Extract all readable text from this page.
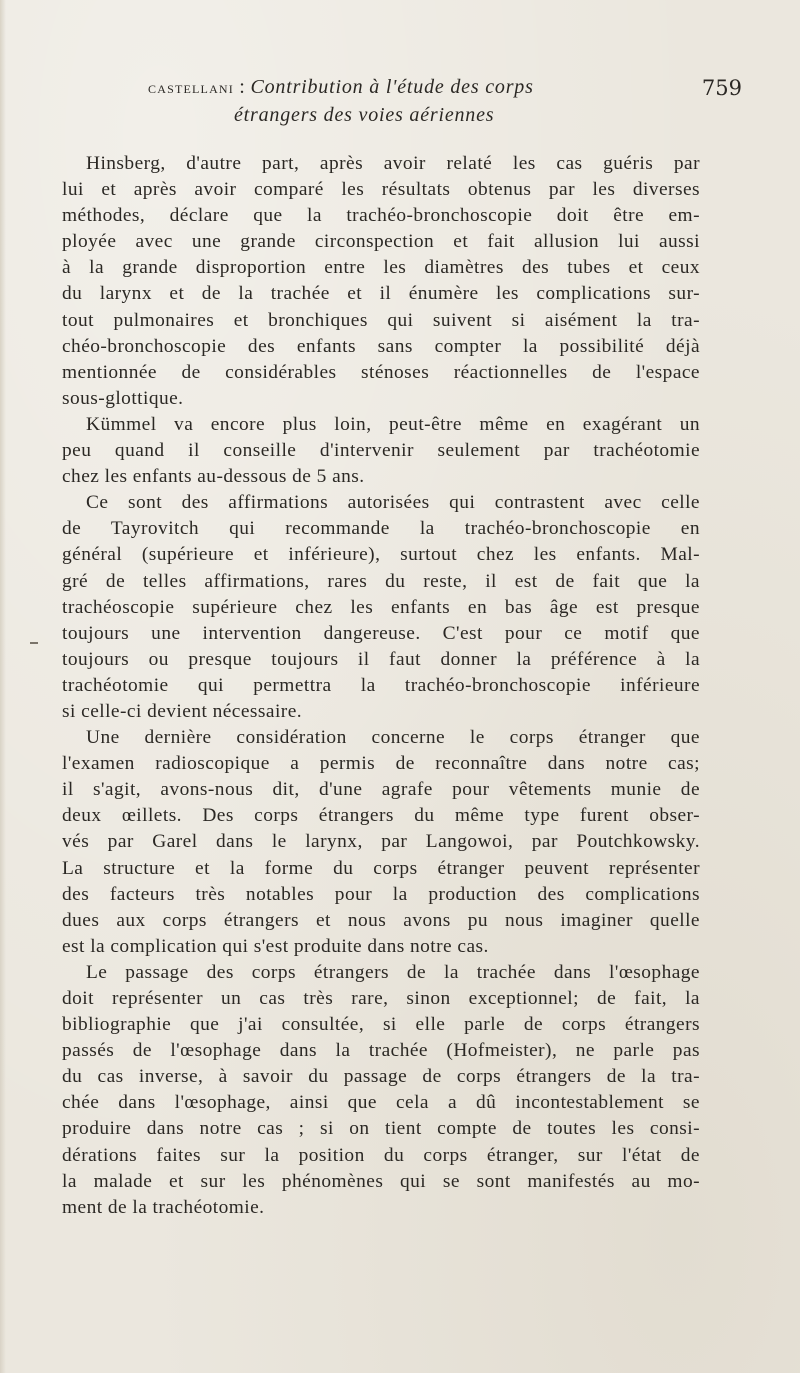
castellani : Contribution à l'étude des corps	759
étrangers des voies aériennes
Hinsberg, d'autre part, après avoir relaté les cas guéris par
lui et après avoir comparé les résultats obtenus par les diverses
méthodes, déclare que la trachéo-bronchoscopie doit être em-
ployée avec une grande circonspection et fait allusion lui aussi
à la grande disproportion entre les diamètres des tubes et ceux
du larynx et de la trachée et il énumère les complications sur-
tout pulmonaires et bronchiques qui suivent si aisément la tra-
chéo-bronchoscopie des enfants sans compter la possibilité déjà
mentionnée de considérables sténoses réactionnelles de l'espace
sous-glottique.
Kümmel va encore plus loin, peut-être même en exagérant un
peu quand il conseille d'intervenir seulement par trachéotomie
chez les enfants au-dessous de 5 ans.
Ce sont des affirmations autorisées qui contrastent avec celle
de Tayrovitch qui recommande la trachéo-bronchoscopie en
général (supérieure et inférieure), surtout chez les enfants. Mal-
gré de telles affirmations, rares du reste, il est de fait que la
trachéoscopie supérieure chez les enfants en bas âge est presque
toujours une intervention dangereuse. C'est pour ce motif que
toujours ou presque toujours il faut donner la préférence à la
trachéotomie qui permettra la trachéo-bronchoscopie inférieure
si celle-ci devient nécessaire.
Une dernière considération concerne le corps étranger que
l'examen radioscopique a permis de reconnaître dans notre cas;
il s'agit, avons-nous dit, d'une agrafe pour vêtements munie de
deux œillets. Des corps étrangers du même type furent obser-
vés par Garel dans le larynx, par Langowoi, par Poutchkowsky.
La structure et la forme du corps étranger peuvent représenter
des facteurs très notables pour la production des complications
dues aux corps étrangers et nous avons pu nous imaginer quelle
est la complication qui s'est produite dans notre cas.
Le passage des corps étrangers de la trachée dans l'œsophage
doit représenter un cas très rare, sinon exceptionnel; de fait, la
bibliographie que j'ai consultée, si elle parle de corps étrangers
passés de l'œsophage dans la trachée (Hofmeister), ne parle pas
du cas inverse, à savoir du passage de corps étrangers de la tra-
chée dans l'œsophage, ainsi que cela a dû incontestablement se
produire dans notre cas ; si on tient compte de toutes les consi-
dérations faites sur la position du corps étranger, sur l'état de
la malade et sur les phénomènes qui se sont manifestés au mo-
ment de la trachéotomie.
